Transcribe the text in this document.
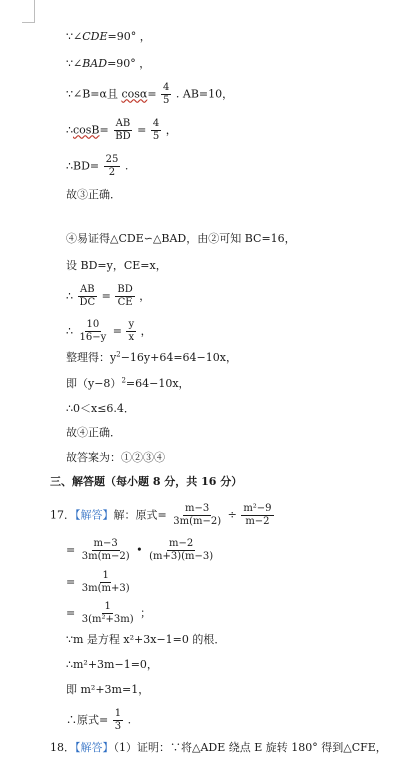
∵∠CDE=90° ，
∵∠BAD=90° ，
∵∠B=α且 $\cos\alpha= \frac{4}{5}$ . AB=10，
∴cosB= $\frac{AB}{BD} = \frac{4}{5}$ ，
∴BD= $\frac{25}{2}$ .
故③正确．
④易证得△CDE∽△BAD，由②可知 BC=16，
设 BD=y，CE=x，
∴ $\frac{AB}{DC} = \frac{BD}{CE}$ ，
∴ $\frac{10}{16-y} = \frac{y}{x}$ ，
整理得：$y^2-16y+64=64-10x$，
即$(y-8)^2=64-10x$，
∴0＜x≤6.4．
故④正确．
故答案为：①②③④
三、解答题（每小题 8 分，共 16 分）
17．【解答】解：原式= $\frac{m-3}{3m(m-2)} \div \frac{\text{m²−9}}{m-2}$
= $\frac{m-3}{3m(m-2)}$ • $\frac{m-2}{(m+3)(m-3)}$
= $\frac{1}{3m(m+3)}$
= $\frac{1}{\text{3(m²+3m)}}$ ；
∵m 是方程 x²+3x−1=0 的根．
∴m²+3m−1=0，
即 m²+3m=1，
∴原式= $\frac{1}{3}$ .
18．【解答】（1）证明：∵将△ADE 绕点 E 旋转 180° 得到△CFE，
